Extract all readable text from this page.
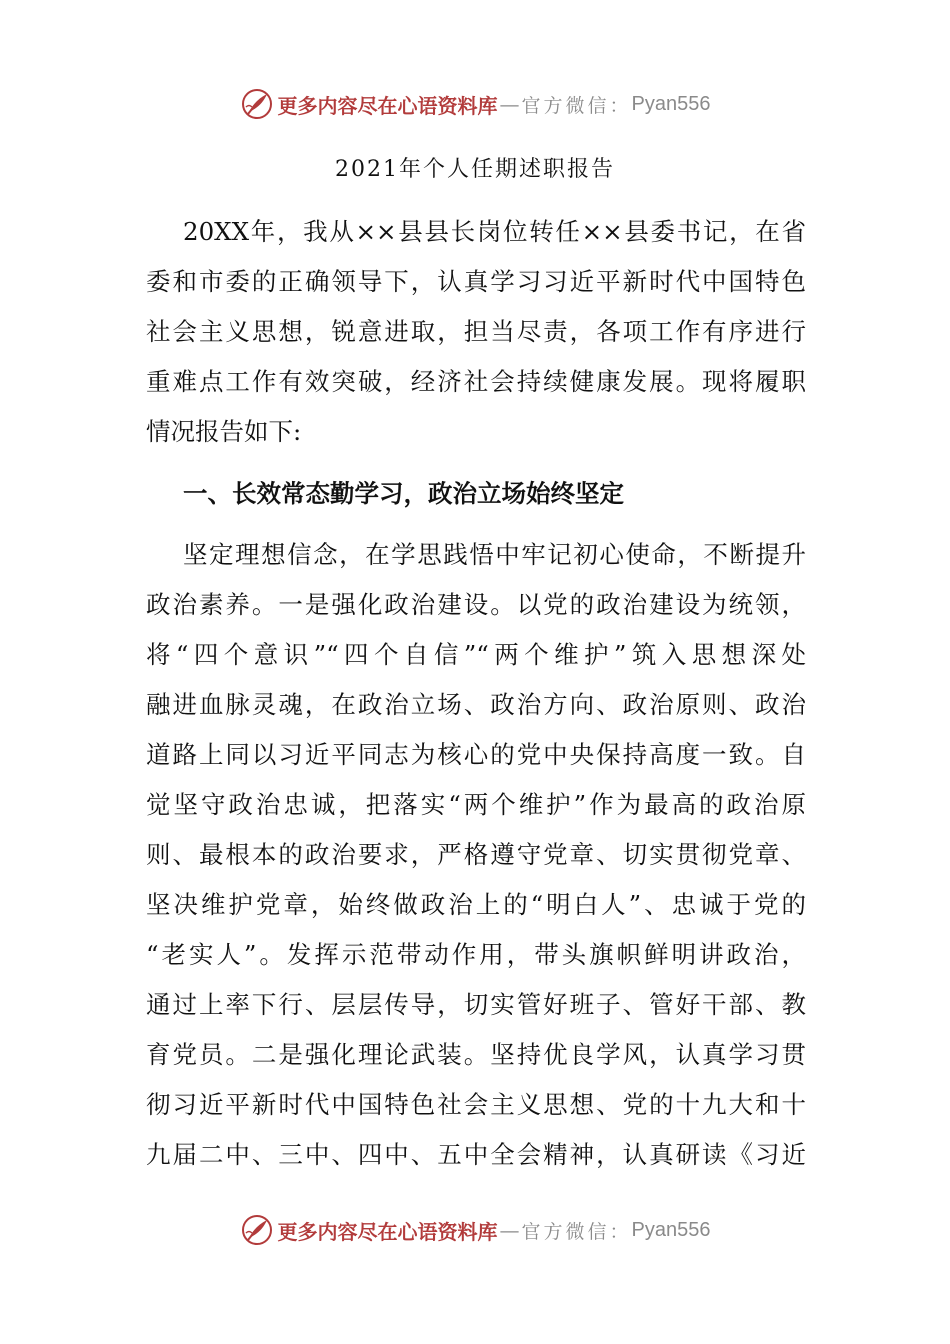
更多内容尽在心语资料库 — 官方微信： Pyan556
2021年个人任期述职报告
20XX年，我从××县县长岗位转任××县委书记，在省
委和市委的正确领导下，认真学习习近平新时代中国特色
社会主义思想，锐意进取，担当尽责，各项工作有序进行
重难点工作有效突破，经济社会持续健康发展。现将履职
情况报告如下:
一、长效常态勤学习，政治立场始终坚定
坚定理想信念，在学思践悟中牢记初心使命，不断提升
政治素养。一是强化政治建设。以党的政治建设为统领，
将“四个意识”“四个自信”“两个维护”筑入思想深处
融进血脉灵魂，在政治立场、政治方向、政治原则、政治
道路上同以习近平同志为核心的党中央保持高度一致。自
觉坚守政治忠诚，把落实“两个维护”作为最高的政治原
则、最根本的政治要求，严格遵守党章、切实贯彻党章、
坚决维护党章，始终做政治上的“明白人”、忠诚于党的
“老实人”。发挥示范带动作用，带头旗帜鲜明讲政治，
通过上率下行、层层传导，切实管好班子、管好干部、教
育党员。二是强化理论武装。坚持优良学风，认真学习贯
彻习近平新时代中国特色社会主义思想、党的十九大和十
九届二中、三中、四中、五中全会精神，认真研读《习近
更多内容尽在心语资料库 — 官方微信： Pyan556
